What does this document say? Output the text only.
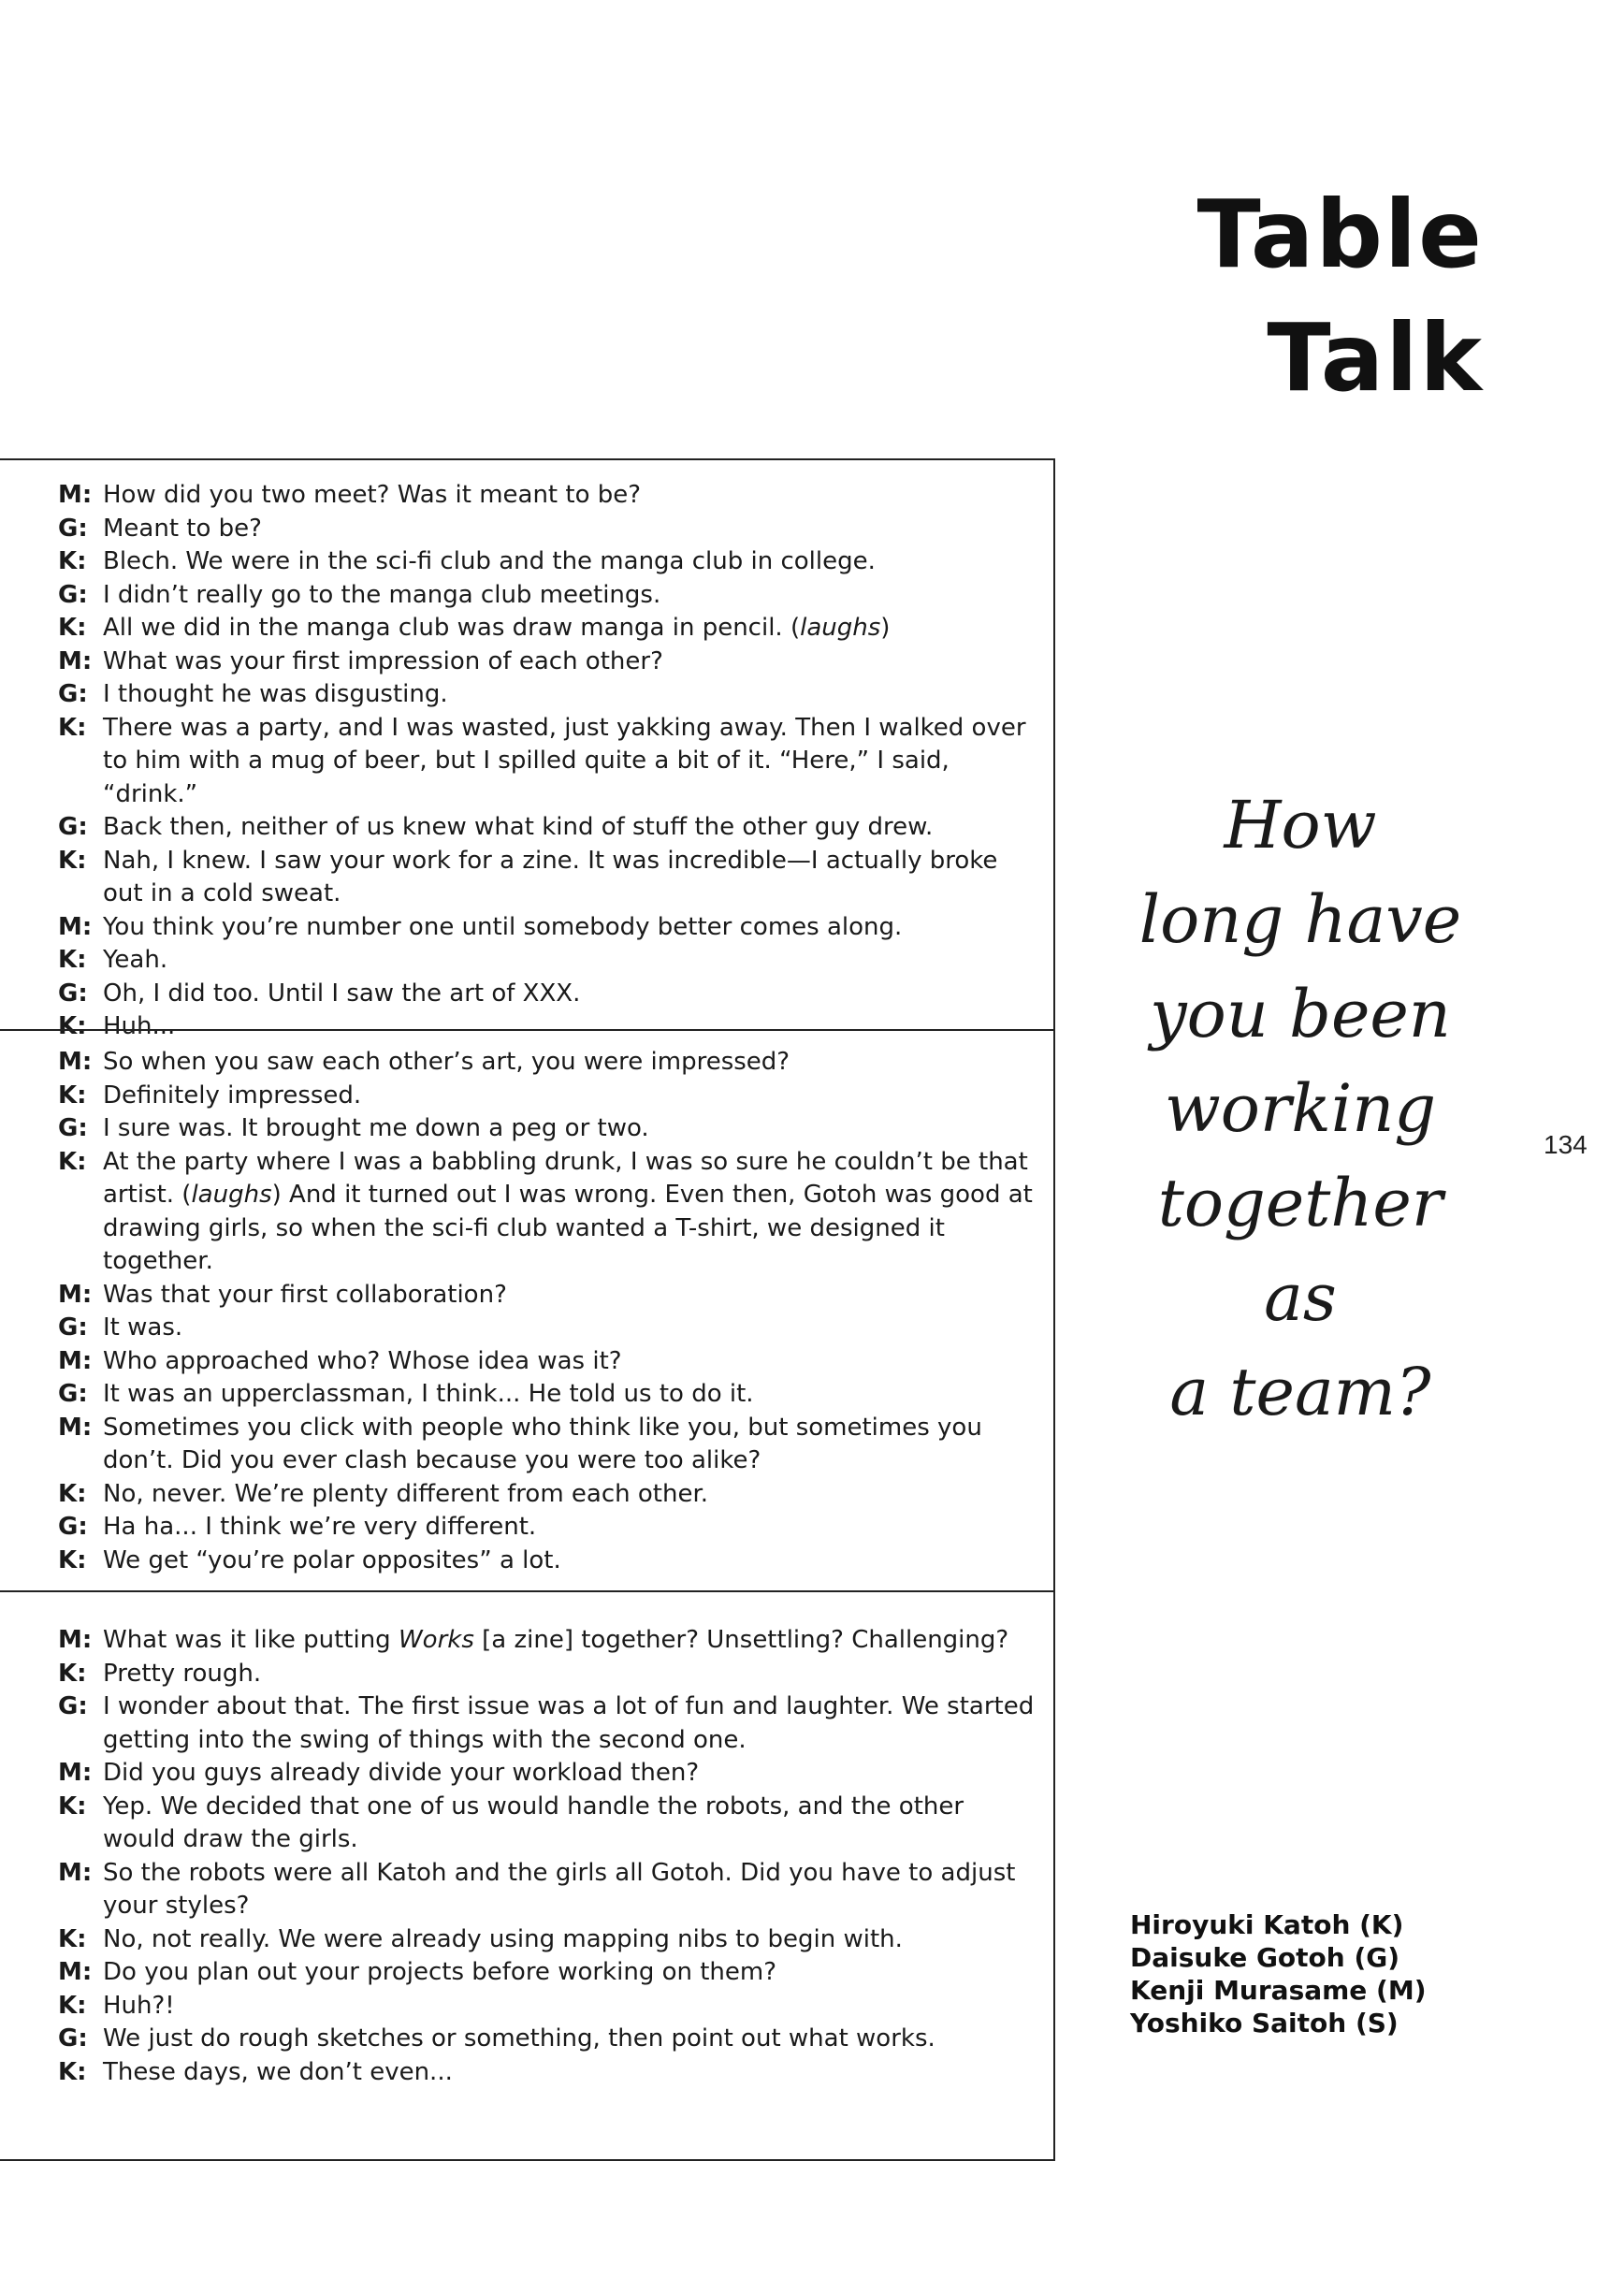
Table
Talk
M: How did you two meet? Was it meant to be?
G: Meant to be?
K: Blech. We were in the sci-fi club and the manga club in college.
G: I didn’t really go to the manga club meetings.
K: All we did in the manga club was draw manga in pencil. (laughs)
M: What was your first impression of each other?
G: I thought he was disgusting.
K: There was a party, and I was wasted, just yakking away. Then I walked over to him with a mug of beer, but I spilled quite a bit of it. “Here,” I said, “drink.”
G: Back then, neither of us knew what kind of stuff the other guy drew.
K: Nah, I knew. I saw your work for a zine. It was incredible—I actually broke out in a cold sweat.
M: You think you’re number one until somebody better comes along.
K: Yeah.
G: Oh, I did too. Until I saw the art of XXX.
K: Huh...
M: So when you saw each other’s art, you were impressed?
K: Definitely impressed.
G: I sure was. It brought me down a peg or two.
K: At the party where I was a babbling drunk, I was so sure he couldn’t be that artist. (laughs) And it turned out I was wrong. Even then, Gotoh was good at drawing girls, so when the sci-fi club wanted a T-shirt, we designed it together.
M: Was that your first collaboration?
G: It was.
M: Who approached who? Whose idea was it?
G: It was an upperclassman, I think... He told us to do it.
M: Sometimes you click with people who think like you, but sometimes you don’t. Did you ever clash because you were too alike?
K: No, never. We’re plenty different from each other.
G: Ha ha... I think we’re very different.
K: We get “you’re polar opposites” a lot.
M: What was it like putting Works [a zine] together? Unsettling? Challenging?
K: Pretty rough.
G: I wonder about that. The first issue was a lot of fun and laughter. We started getting into the swing of things with the second one.
M: Did you guys already divide your workload then?
K: Yep. We decided that one of us would handle the robots, and the other would draw the girls.
M: So the robots were all Katoh and the girls all Gotoh. Did you have to adjust your styles?
K: No, not really. We were already using mapping nibs to begin with.
M: Do you plan out your projects before working on them?
K: Huh?!
G: We just do rough sketches or something, then point out what works.
K: These days, we don’t even...
How
long have
you been
working
together as
a team?
134
Hiroyuki Katoh (K)
Daisuke Gotoh (G)
Kenji Murasame (M)
Yoshiko Saitoh (S)
